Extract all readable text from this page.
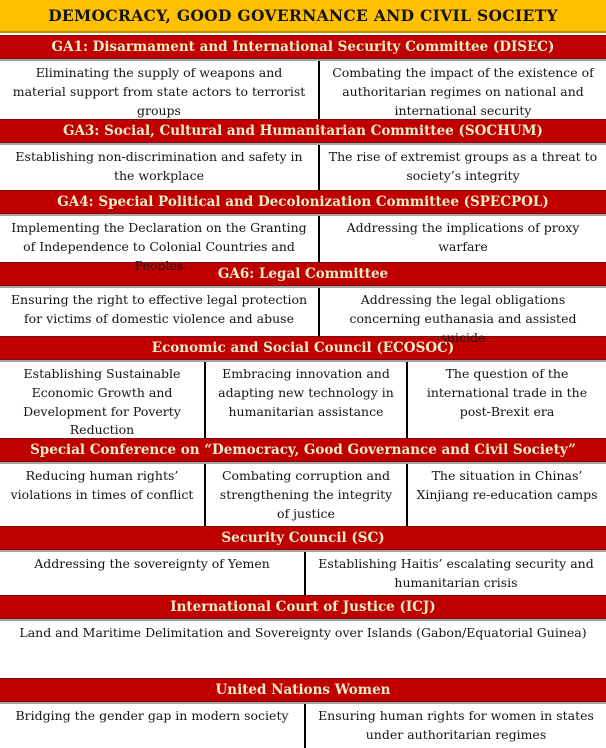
DEMOCRACY, GOOD GOVERNANCE AND CIVIL SOCIETY
GA1: Disarmament and International Security Committee (DISEC)
Eliminating the supply of weapons and material support from state actors to terrorist groups
Combating the impact of the existence of authoritarian regimes on national and international security
GA3: Social, Cultural and Humanitarian Committee (SOCHUM)
Establishing non-discrimination and safety in the workplace
The rise of extremist groups as a threat to society’s integrity
GA4: Special Political and Decolonization Committee (SPECPOL)
Implementing the Declaration on the Granting of Independence to Colonial Countries and Peoples
Addressing the implications of proxy warfare
GA6: Legal Committee
Ensuring the right to effective legal protection for victims of domestic violence and abuse
Addressing the legal obligations concerning euthanasia and assisted suicide
Economic and Social Council (ECOSOC)
Establishing Sustainable Economic Growth and Development for Poverty Reduction
Embracing innovation and adapting new technology in humanitarian assistance
The question of the international trade in the post-Brexit era
Special Conference on “Democracy, Good Governance and Civil Society”
Reducing human rights’ violations in times of conflict
Combating corruption and strengthening the integrity of justice
The situation in Chinas’ Xinjiang re-education camps
Security Council (SC)
Addressing the sovereignty of Yemen	Establishing Haitis’ escalating security and humanitarian crisis
International Court of Justice (ICJ)
Land and Maritime Delimitation and Sovereignty over Islands (Gabon/Equatorial Guinea)
United Nations Women
Bridging the gender gap in modern society	Ensuring human rights for women in states under authoritarian regimes
